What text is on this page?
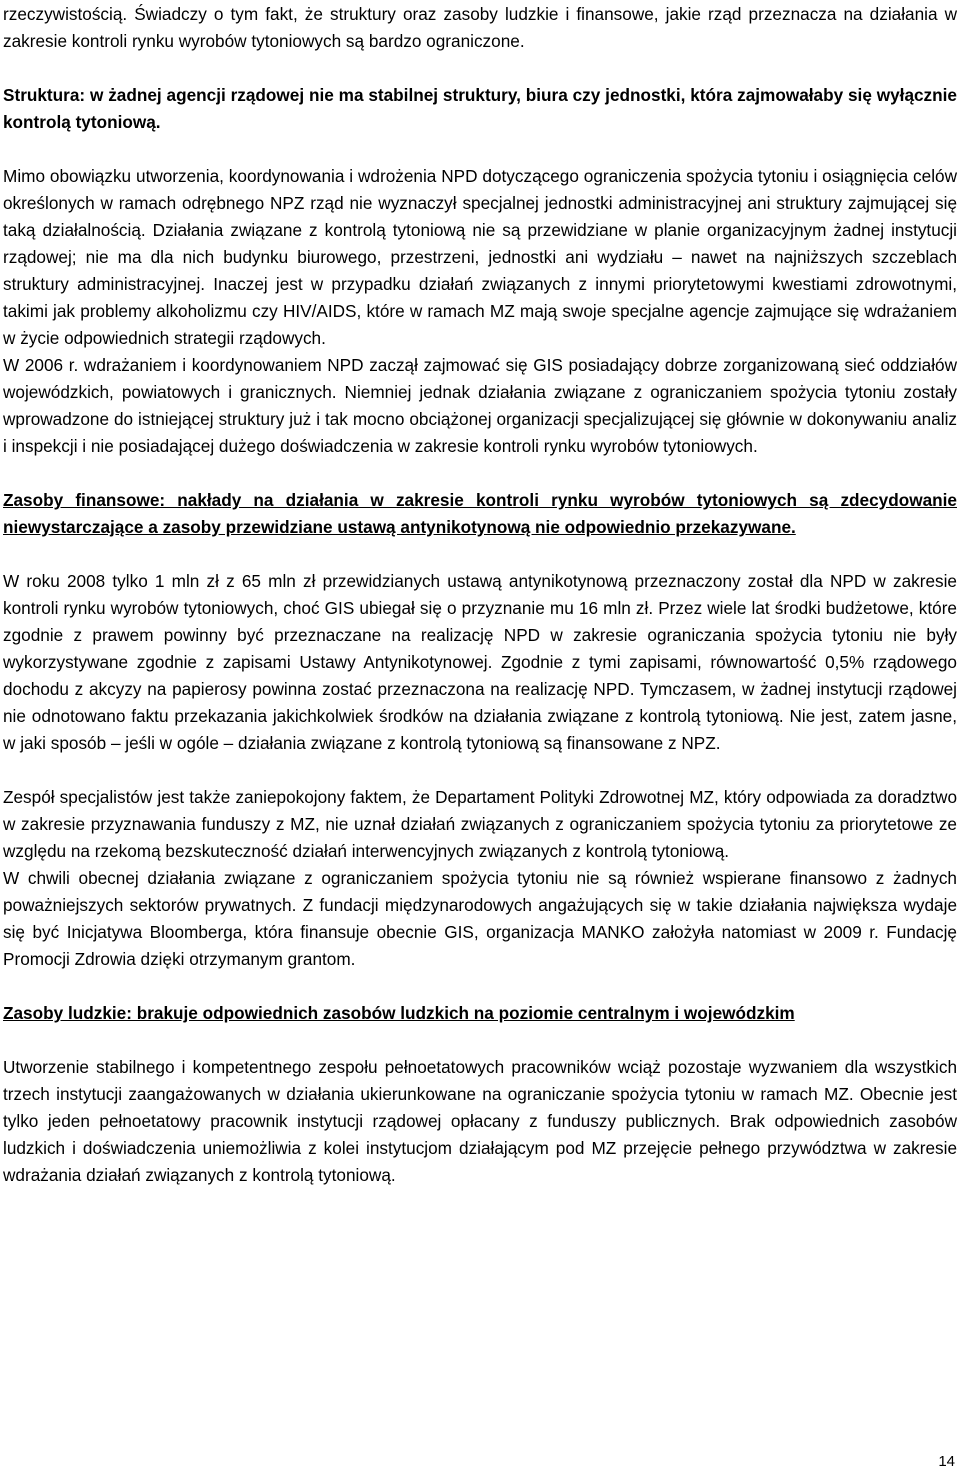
rzeczywistością. Świadczy o tym fakt, że struktury oraz zasoby ludzkie i finansowe, jakie rząd przeznacza na działania w zakresie kontroli rynku wyrobów tytoniowych są bardzo ograniczone.

Struktura: w żadnej agencji rządowej nie ma stabilnej struktury, biura czy jednostki, która zajmowałaby się wyłącznie kontrolą tytoniową.

Mimo obowiązku utworzenia, koordynowania i wdrożenia NPD dotyczącego ograniczenia spożycia tytoniu i osiągnięcia celów określonych w ramach odrębnego NPZ rząd nie wyznaczył specjalnej jednostki administracyjnej ani struktury zajmującej się taką działalnością. Działania związane z kontrolą tytoniową nie są przewidziane w planie organizacyjnym żadnej instytucji rządowej; nie ma dla nich budynku biurowego, przestrzeni, jednostki ani wydziału – nawet na najniższych szczeblach struktury administracyjnej. Inaczej jest w przypadku działań związanych z innymi priorytetowymi kwestiami zdrowotnymi, takimi jak problemy alkoholizmu czy HIV/AIDS, które w ramach MZ mają swoje specjalne agencje zajmujące się wdrażaniem w życie odpowiednich strategii rządowych.

W 2006 r. wdrażaniem i koordynowaniem NPD zaczął zajmować się GIS posiadający dobrze zorganizowaną sieć oddziałów wojewódzkich, powiatowych i granicznych. Niemniej jednak działania związane z ograniczaniem spożycia tytoniu zostały wprowadzone do istniejącej struktury już i tak mocno obciążonej organizacji specjalizującej się głównie w dokonywaniu analiz i inspekcji i nie posiadającej dużego doświadczenia w zakresie kontroli rynku wyrobów tytoniowych.

Zasoby finansowe: nakłady na działania w zakresie kontroli rynku wyrobów tytoniowych są zdecydowanie niewystarczające a zasoby przewidziane ustawą antynikotynową nie odpowiednio przekazywane.

W roku 2008 tylko 1 mln zł z 65 mln zł przewidzianych ustawą antynikotynową przeznaczony został dla NPD w zakresie kontroli rynku wyrobów tytoniowych, choć GIS ubiegał się o przyznanie mu 16 mln zł. Przez wiele lat środki budżetowe, które zgodnie z prawem powinny być przeznaczane na realizację NPD w zakresie ograniczania spożycia tytoniu nie były wykorzystywane zgodnie z zapisami Ustawy Antynikotynowej. Zgodnie z tymi zapisami, równowartość 0,5% rządowego dochodu z akcyzy na papierosy powinna zostać przeznaczona na realizację NPD. Tymczasem, w żadnej instytucji rządowej nie odnotowano faktu przekazania jakichkolwiek środków na działania związane z kontrolą tytoniową. Nie jest, zatem jasne, w jaki sposób – jeśli w ogóle – działania związane z kontrolą tytoniową są finansowane z NPZ.

Zespół specjalistów jest także zaniepokojony faktem, że Departament Polityki Zdrowotnej MZ, który odpowiada za doradztwo w zakresie przyznawania funduszy z MZ, nie uznał działań związanych z ograniczaniem spożycia tytoniu za priorytetowe ze względu na rzekomą bezskuteczność działań interwencyjnych związanych z kontrolą tytoniową.

W chwili obecnej działania związane z ograniczaniem spożycia tytoniu nie są również wspierane finansowo z żadnych poważniejszych sektorów prywatnych. Z fundacji międzynarodowych angażujących się w takie działania największa wydaje się być Inicjatywa Bloomberga, która finansuje obecnie GIS, organizacja MANKO założyła natomiast w 2009 r. Fundację Promocji Zdrowia dzięki otrzymanym grantom.

Zasoby ludzkie: brakuje odpowiednich zasobów ludzkich na poziomie centralnym i wojewódzkim

Utworzenie stabilnego i kompetentnego zespołu pełnoetatowych pracowników wciąż pozostaje wyzwaniem dla wszystkich trzech instytucji zaangażowanych w działania ukierunkowane na ograniczanie spożycia tytoniu w ramach MZ. Obecnie jest tylko jeden pełnoetatowy pracownik instytucji rządowej opłacany z funduszy publicznych. Brak odpowiednich zasobów ludzkich i doświadczenia uniemożliwia z kolei instytucjom działającym pod MZ przejęcie pełnego przywództwa w zakresie wdrażania działań związanych z kontrolą tytoniową.

14
